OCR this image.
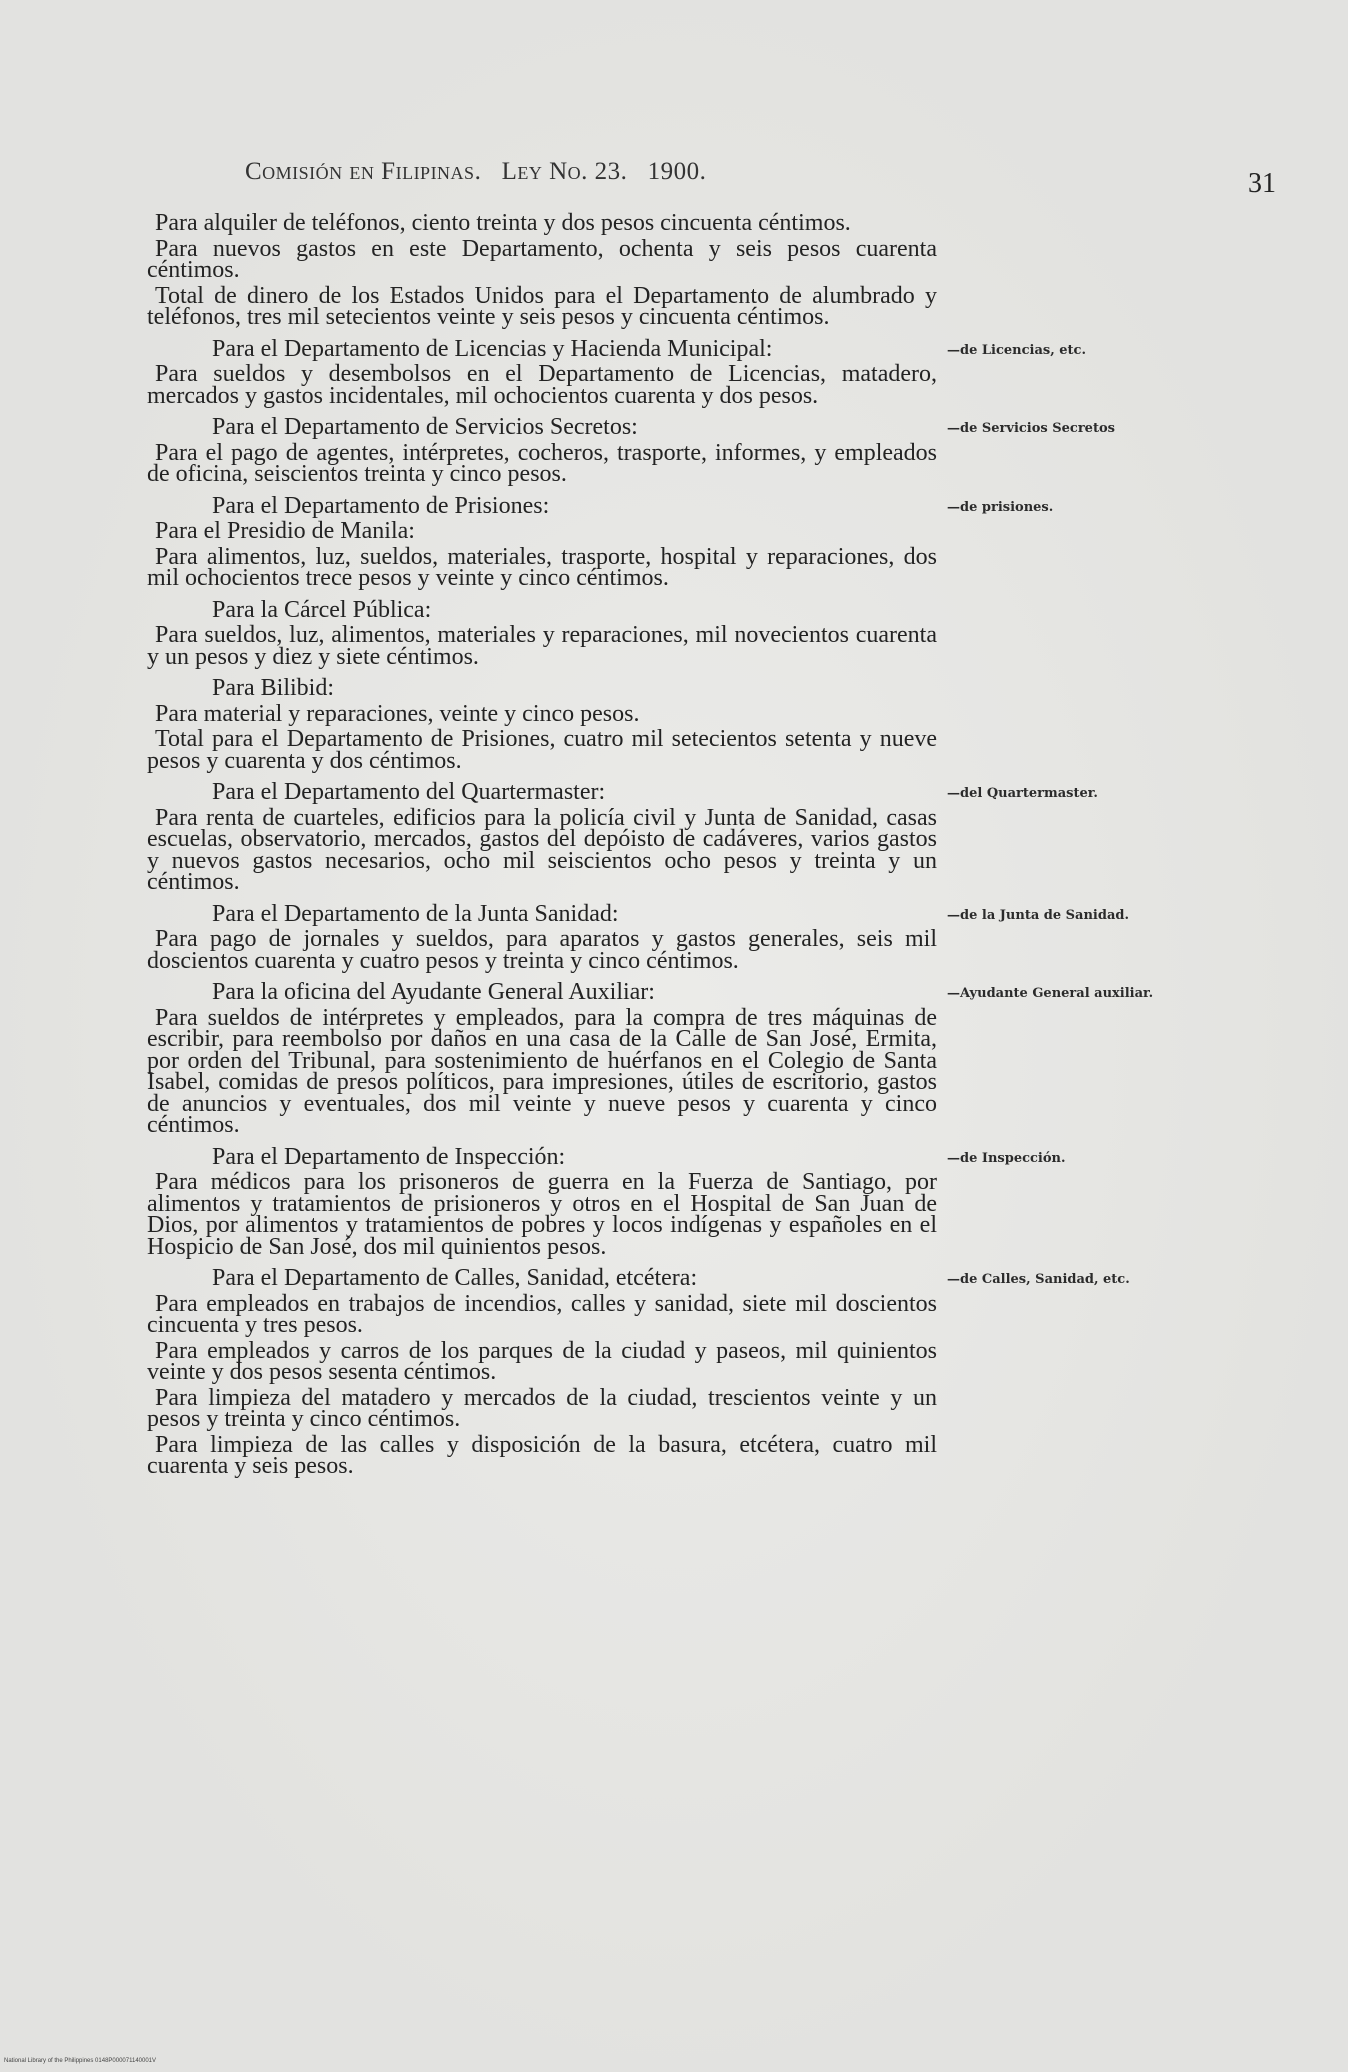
Comisión en Filipinas. Ley No. 23. 1900.	31

Para alquiler de teléfonos, ciento treinta y dos pesos cincuenta céntimos.

Para nuevos gastos en este Departamento, ochenta y seis pesos cuarenta céntimos.

Total de dinero de los Estados Unidos para el Departamento de alumbrado y teléfonos, tres mil setecientos veinte y seis pesos y cincuenta céntimos.

Para el Departamento de Licencias y Hacienda Municipal:	—de Licencias, etc.

Para sueldos y desembolsos en el Departamento de Licencias, matadero, mercados y gastos incidentales, mil ochocientos cuarenta y dos pesos.

Para el Departamento de Servicios Secretos:	—de Servicios Secretos

Para el pago de agentes, intérpretes, cocheros, trasporte, informes, y empleados de oficina, seiscientos treinta y cinco pesos.

Para el Departamento de Prisiones:	—de prisiones.

Para el Presidio de Manila:

Para alimentos, luz, sueldos, materiales, trasporte, hospital y reparaciones, dos mil ochocientos trece pesos y veinte y cinco céntimos.

Para la Cárcel Pública:

Para sueldos, luz, alimentos, materiales y reparaciones, mil novecientos cuarenta y un pesos y diez y siete céntimos.

Para Bilibid:

Para material y reparaciones, veinte y cinco pesos.

Total para el Departamento de Prisiones, cuatro mil setecientos setenta y nueve pesos y cuarenta y dos céntimos.

Para el Departamento del Quartermaster:	—del Quartermaster.

Para renta de cuarteles, edificios para la policía civil y Junta de Sanidad, casas escuelas, observatorio, mercados, gastos del depóisto de cadáveres, varios gastos y nuevos gastos necesarios, ocho mil seiscientos ocho pesos y treinta y un céntimos.

Para el Departamento de la Junta Sanidad:	—de la Junta de Sanidad.

Para pago de jornales y sueldos, para aparatos y gastos generales, seis mil doscientos cuarenta y cuatro pesos y treinta y cinco céntimos.

Para la oficina del Ayudante General Auxiliar:	—Ayudante General auxiliar.

Para sueldos de intérpretes y empleados, para la compra de tres máquinas de escribir, para reembolso por daños en una casa de la Calle de San José, Ermita, por orden del Tribunal, para sostenimiento de huérfanos en el Colegio de Santa Isabel, comidas de presos políticos, para impresiones, útiles de escritorio, gastos de anuncios y eventuales, dos mil veinte y nueve pesos y cuarenta y cinco céntimos.

Para el Departamento de Inspección:	—de Inspección.

Para médicos para los prisoneros de guerra en la Fuerza de Santiago, por alimentos y tratamientos de prisioneros y otros en el Hospital de San Juan de Dios, por alimentos y tratamientos de pobres y locos indígenas y españoles en el Hospicio de San José, dos mil quinientos pesos.

Para el Departamento de Calles, Sanidad, etcétera:	—de Calles, Sanidad, etc.

Para empleados en trabajos de incendios, calles y sanidad, siete mil doscientos cincuenta y tres pesos.

Para empleados y carros de los parques de la ciudad y paseos, mil quinientos veinte y dos pesos sesenta céntimos.

Para limpieza del matadero y mercados de la ciudad, trescientos veinte y un pesos y treinta y cinco céntimos.

Para limpieza de las calles y disposición de la basura, etcétera, cuatro mil cuarenta y seis pesos.

National Library of the Philippines 0148P000071140001V
